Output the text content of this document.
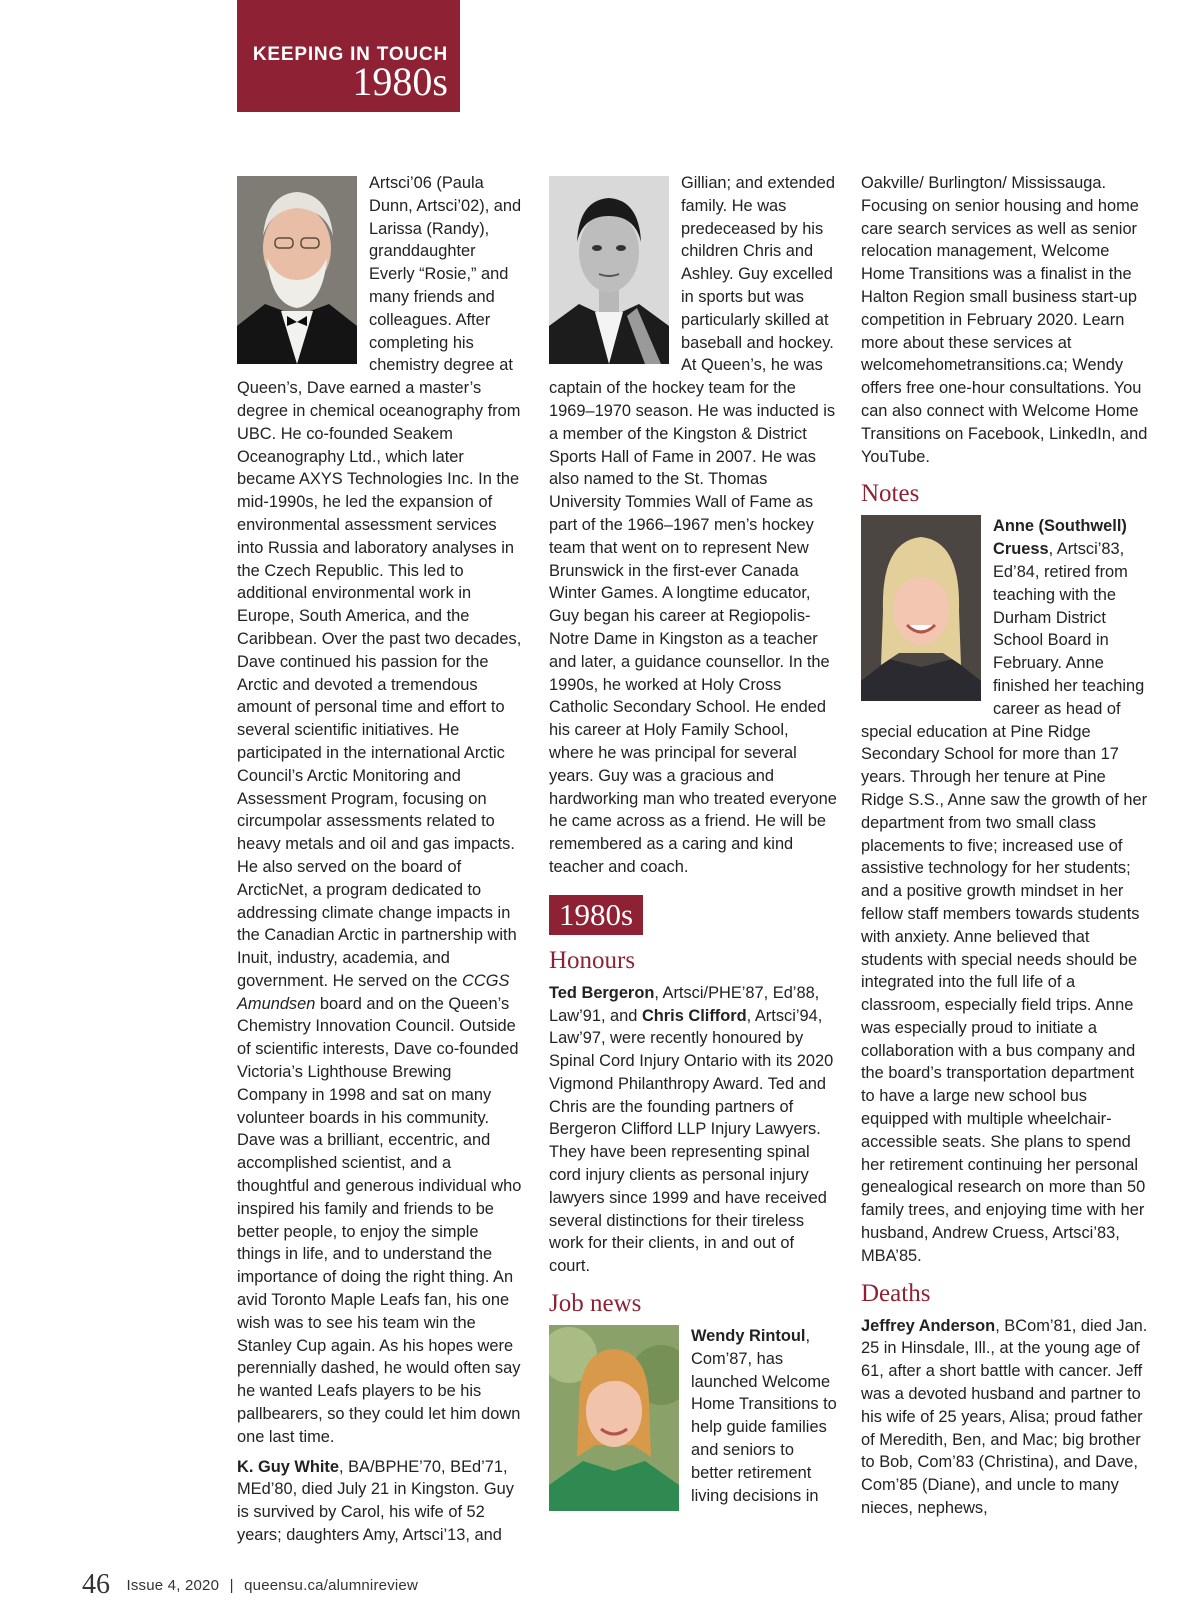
KEEPING IN TOUCH
1980s

Artsci’06 (Paula Dunn, Artsci’02), and Larissa (Randy), granddaughter Everly “Rosie,” and many friends and colleagues. After completing his chemistry degree at Queen’s, Dave earned a master’s degree in chemical oceanography from UBC. He co-founded Seakem Oceanography Ltd., which later became AXYS Technologies Inc. In the mid-1990s, he led the expansion of environmental assessment services into Russia and laboratory analyses in the Czech Republic. This led to additional environmental work in Europe, South America, and the Caribbean. Over the past two decades, Dave continued his passion for the Arctic and devoted a tremendous amount of personal time and effort to several scientific initiatives. He participated in the international Arctic Council’s Arctic Monitoring and Assessment Program, focusing on circumpolar assessments related to heavy metals and oil and gas impacts. He also served on the board of ArcticNet, a program dedicated to addressing climate change impacts in the Canadian Arctic in partnership with Inuit, industry, academia, and government. He served on the CCGS Amundsen board and on the Queen’s Chemistry Innovation Council. Outside of scientific interests, Dave co-founded Victoria’s Lighthouse Brewing Company in 1998 and sat on many volunteer boards in his community. Dave was a brilliant, eccentric, and accomplished scientist, and a thoughtful and generous individual who inspired his family and friends to be better people, to enjoy the simple things in life, and to understand the importance of doing the right thing. An avid Toronto Maple Leafs fan, his one wish was to see his team win the Stanley Cup again. As his hopes were perennially dashed, he would often say he wanted Leafs players to be his pallbearers, so they could let him down one last time.

K. Guy White, BA/BPHE’70, BEd’71, MEd’80, died July 21 in Kingston. Guy is survived by Carol, his wife of 52 years; daughters Amy, Artsci’13, and

Gillian; and extended family. He was predeceased by his children Chris and Ashley. Guy excelled in sports but was particularly skilled at baseball and hockey. At Queen’s, he was captain of the hockey team for the 1969–1970 season. He was inducted is a member of the Kingston & District Sports Hall of Fame in 2007. He was also named to the St. Thomas University Tommies Wall of Fame as part of the 1966–1967 men’s hockey team that went on to represent New Brunswick in the first-ever Canada Winter Games. A longtime educator, Guy began his career at Regiopolis-Notre Dame in Kingston as a teacher and later, a guidance counsellor. In the 1990s, he worked at Holy Cross Catholic Secondary School. He ended his career at Holy Family School, where he was principal for several years. Guy was a gracious and hardworking man who treated everyone he came across as a friend. He will be remembered as a caring and kind teacher and coach.

1980s
Honours

Ted Bergeron, Artsci/PHE’87, Ed’88, Law’91, and Chris Clifford, Artsci’94, Law’97, were recently honoured by Spinal Cord Injury Ontario with its 2020 Vigmond Philanthropy Award. Ted and Chris are the founding partners of Bergeron Clifford LLP Injury Lawyers. They have been representing spinal cord injury clients as personal injury lawyers since 1999 and have received several distinctions for their tireless work for their clients, in and out of court.

Job news

Wendy Rintoul, Com’87, has launched Welcome Home Transitions to help guide families and seniors to better retirement living decisions in

Oakville/ Burlington/ Mississauga. Focusing on senior housing and home care search services as well as senior relocation management, Welcome Home Transitions was a finalist in the Halton Region small business start-up competition in February 2020. Learn more about these services at welcomehometransitions.ca; Wendy offers free one-hour consultations. You can also connect with Welcome Home Transitions on Facebook, LinkedIn, and YouTube.

Notes

Anne (Southwell) Cruess, Artsci’83, Ed’84, retired from teaching with the Durham District School Board in February. Anne finished her teaching career as head of special education at Pine Ridge Secondary School for more than 17 years. Through her tenure at Pine Ridge S.S., Anne saw the growth of her department from two small class placements to five; increased use of assistive technology for her students; and a positive growth mindset in her fellow staff members towards students with anxiety. Anne believed that students with special needs should be integrated into the full life of a classroom, especially field trips. Anne was especially proud to initiate a collaboration with a bus company and the board’s transportation department to have a large new school bus equipped with multiple wheelchair-accessible seats. She plans to spend her retirement continuing her personal genealogical research on more than 50 family trees, and enjoying time with her husband, Andrew Cruess, Artsci’83, MBA’85.

Deaths

Jeffrey Anderson, BCom’81, died Jan. 25 in Hinsdale, Ill., at the young age of 61, after a short battle with cancer. Jeff was a devoted husband and partner to his wife of 25 years, Alisa; proud father of Meredith, Ben, and Mac; big brother to Bob, Com’83 (Christina), and Dave, Com’85 (Diane), and uncle to many nieces, nephews,

46 Issue 4, 2020 | queensu.ca/alumnireview
